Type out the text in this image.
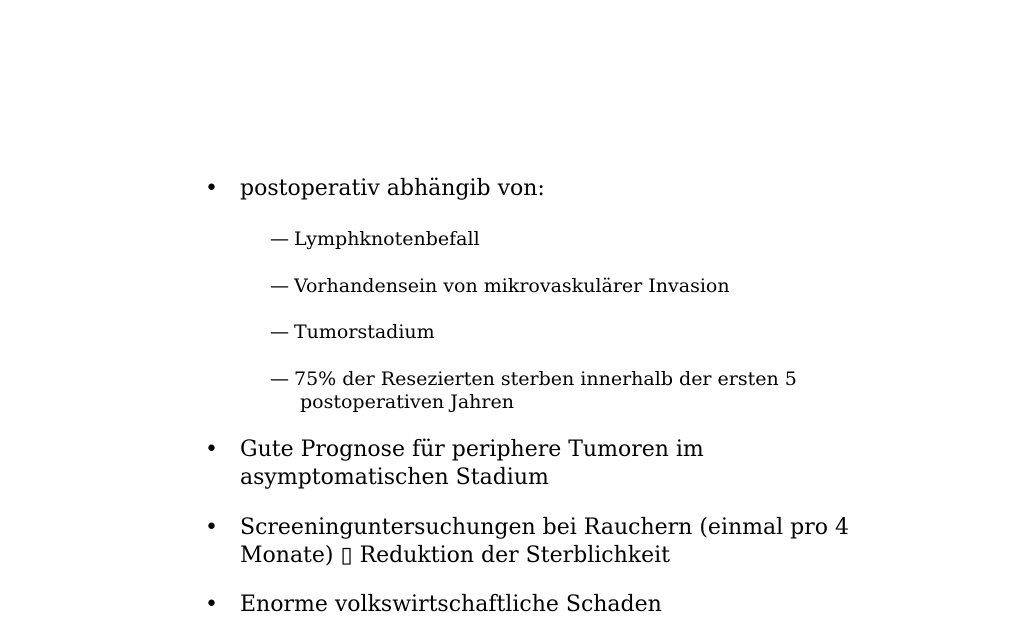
•	postoperativ abhängib von:
— Lymphknotenbefall
— Vorhandensein von mikrovaskulärer Invasion
— Tumorstadium
— 75% der Resezierten sterben innerhalb der ersten 5
postoperativen Jahren
•	Gute Prognose für periphere Tumoren im
asymptomatischen Stadium
•	Screeninguntersuchungen bei Rauchern (einmal pro 4
Monate) ▯ Reduktion der Sterblichkeit
•	Enorme volkswirtschaftliche Schaden
